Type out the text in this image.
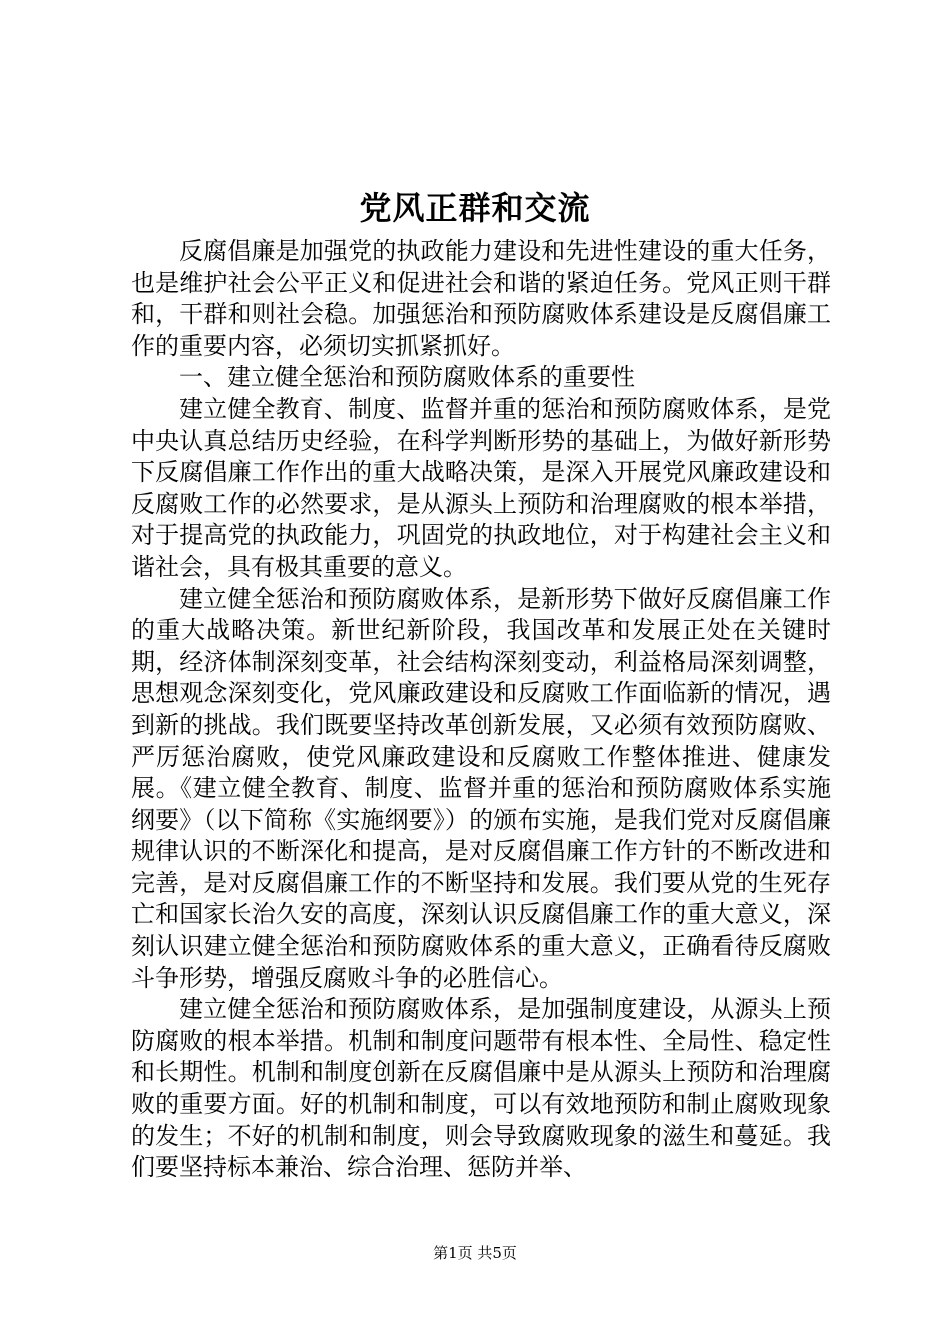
党风正群和交流

反腐倡廉是加强党的执政能力建设和先进性建设的重大任务，也是维护社会公平正义和促进社会和谐的紧迫任务。党风正则干群和，干群和则社会稳。加强惩治和预防腐败体系建设是反腐倡廉工作的重要内容，必须切实抓紧抓好。

一、建立健全惩治和预防腐败体系的重要性

建立健全教育、制度、监督并重的惩治和预防腐败体系，是党中央认真总结历史经验，在科学判断形势的基础上，为做好新形势下反腐倡廉工作作出的重大战略决策，是深入开展党风廉政建设和反腐败工作的必然要求，是从源头上预防和治理腐败的根本举措，对于提高党的执政能力，巩固党的执政地位，对于构建社会主义和谐社会，具有极其重要的意义。

建立健全惩治和预防腐败体系，是新形势下做好反腐倡廉工作的重大战略决策。新世纪新阶段，我国改革和发展正处在关键时期，经济体制深刻变革，社会结构深刻变动，利益格局深刻调整，思想观念深刻变化，党风廉政建设和反腐败工作面临新的情况，遇到新的挑战。我们既要坚持改革创新发展，又必须有效预防腐败、严厉惩治腐败，使党风廉政建设和反腐败工作整体推进、健康发展。《建立健全教育、制度、监督并重的惩治和预防腐败体系实施纲要》（以下简称《实施纲要》）的颁布实施，是我们党对反腐倡廉规律认识的不断深化和提高，是对反腐倡廉工作方针的不断改进和完善，是对反腐倡廉工作的不断坚持和发展。我们要从党的生死存亡和国家长治久安的高度，深刻认识反腐倡廉工作的重大意义，深刻认识建立健全惩治和预防腐败体系的重大意义，正确看待反腐败斗争形势，增强反腐败斗争的必胜信心。

建立健全惩治和预防腐败体系，是加强制度建设，从源头上预防腐败的根本举措。机制和制度问题带有根本性、全局性、稳定性和长期性。机制和制度创新在反腐倡廉中是从源头上预防和治理腐败的重要方面。好的机制和制度，可以有效地预防和制止腐败现象的发生；不好的机制和制度，则会导致腐败现象的滋生和蔓延。我们要坚持标本兼治、综合治理、惩防并举、

第1页 共5页
